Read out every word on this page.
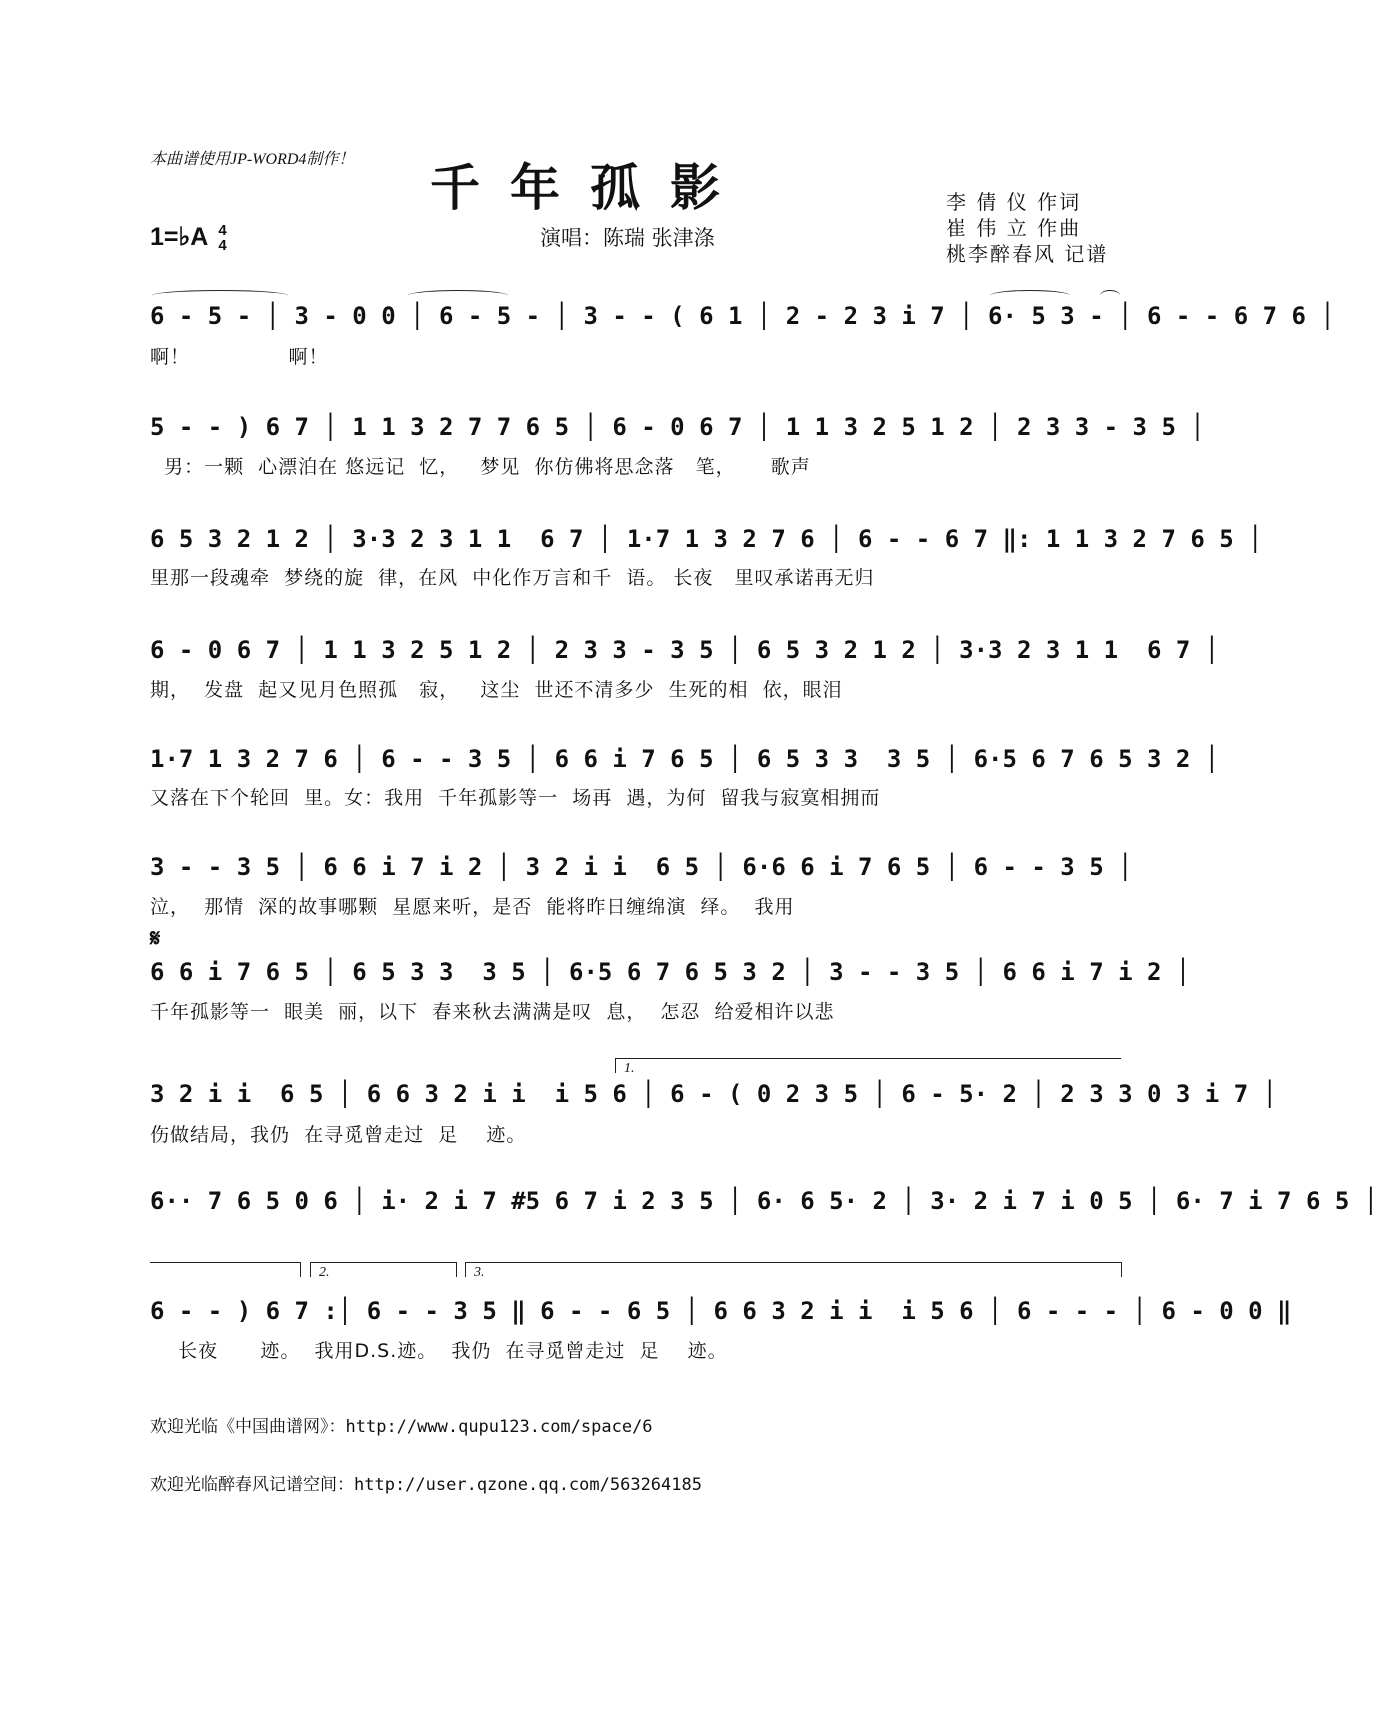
本曲谱使用JP-WORD4制作！ 千年孤影	李 倩 仪 作词
崔 伟 立 作曲
桃李醉春风 记谱
演唱：陈瑞 张津涤
1=♭A 4
4
6 - 5 - │ 3 - 0 0 │ 6 - 5 - │ 3 - - ( 6 1 │ 2 - 2 3 i 7 │ 6· 5 3 - │ 6 - - 6 7 6 │
啊！              啊！
5 - - ) 6 7 │ 1 1 3 2 7 7 6 5 │ 6 - 0 6 7 │ 1 1 3 2 5 1 2 │ 2 3 3 - 3 5 │
男：一颗  心漂泊在 悠远记  忆，   梦见  你仿佛将思念落   笔，     歌声
6 5 3 2 1 2 │ 3·3 2 3 1 1  6 7 │ 1·7 1 3 2 7 6 │ 6 - - 6 7 ‖: 1 1 3 2 7 6 5 │
里那一段魂牵  梦绕的旋  律，在风  中化作万言和千  语。 长夜   里叹承诺再无归
6 - 0 6 7 │ 1 1 3 2 5 1 2 │ 2 3 3 - 3 5 │ 6 5 3 2 1 2 │ 3·3 2 3 1 1  6 7 │
期，  发盘  起又见月色照孤   寂，   这尘  世还不清多少  生死的相  依，眼泪
1·7 1 3 2 7 6 │ 6 - - 3 5 │ 6 6 i 7 6 5 │ 6 5 3 3  3 5 │ 6·5 6 7 6 5 3 2 │
又落在下个轮回  里。女：我用  千年孤影等一  场再  遇，为何  留我与寂寞相拥而
3 - - 3 5 │ 6 6 i 7 i 2 │ 3 2 i i  6 5 │ 6·6 6 i 7 6 5 │ 6 - - 3 5 │
泣，  那情  深的故事哪颗  星愿来听，是否  能将昨日缠绵演  绎。  我用
𝄋
6 6 i 7 6 5 │ 6 5 3 3  3 5 │ 6·5 6 7 6 5 3 2 │ 3 - - 3 5 │ 6 6 i 7 i 2 │
千年孤影等一  眼美  丽，以下  春来秋去满满是叹  息，  怎忍  给爱相许以悲
1.
3 2 i i  6 5 │ 6 6 3 2 i i  i 5 6 │ 6 - ( 0 2 3 5 │ 6 - 5· 2 │ 2 3 3 0 3 i 7 │
伤做结局，我仍  在寻觅曾走过  足    迹。
6·· 7 6 5 0 6 │ i· 2 i 7 #5 6 7 i 2 3 5 │ 6· 6 5· 2 │ 3· 2 i 7 i 0 5 │ 6· 7 i 7 6 5 │
2.	3.
6 - - ) 6 7 :│ 6 - - 3 5 ‖ 6 - - 6 5 │ 6 6 3 2 i i  i 5 6 │ 6 - - - │ 6 - 0 0 ‖
长夜      迹。  我用D.S.迹。  我仍  在寻觅曾走过  足    迹。
欢迎光临《中国曲谱网》：http://www.qupu123.com/space/6
欢迎光临醉春风记谱空间：http://user.qzone.qq.com/563264185
